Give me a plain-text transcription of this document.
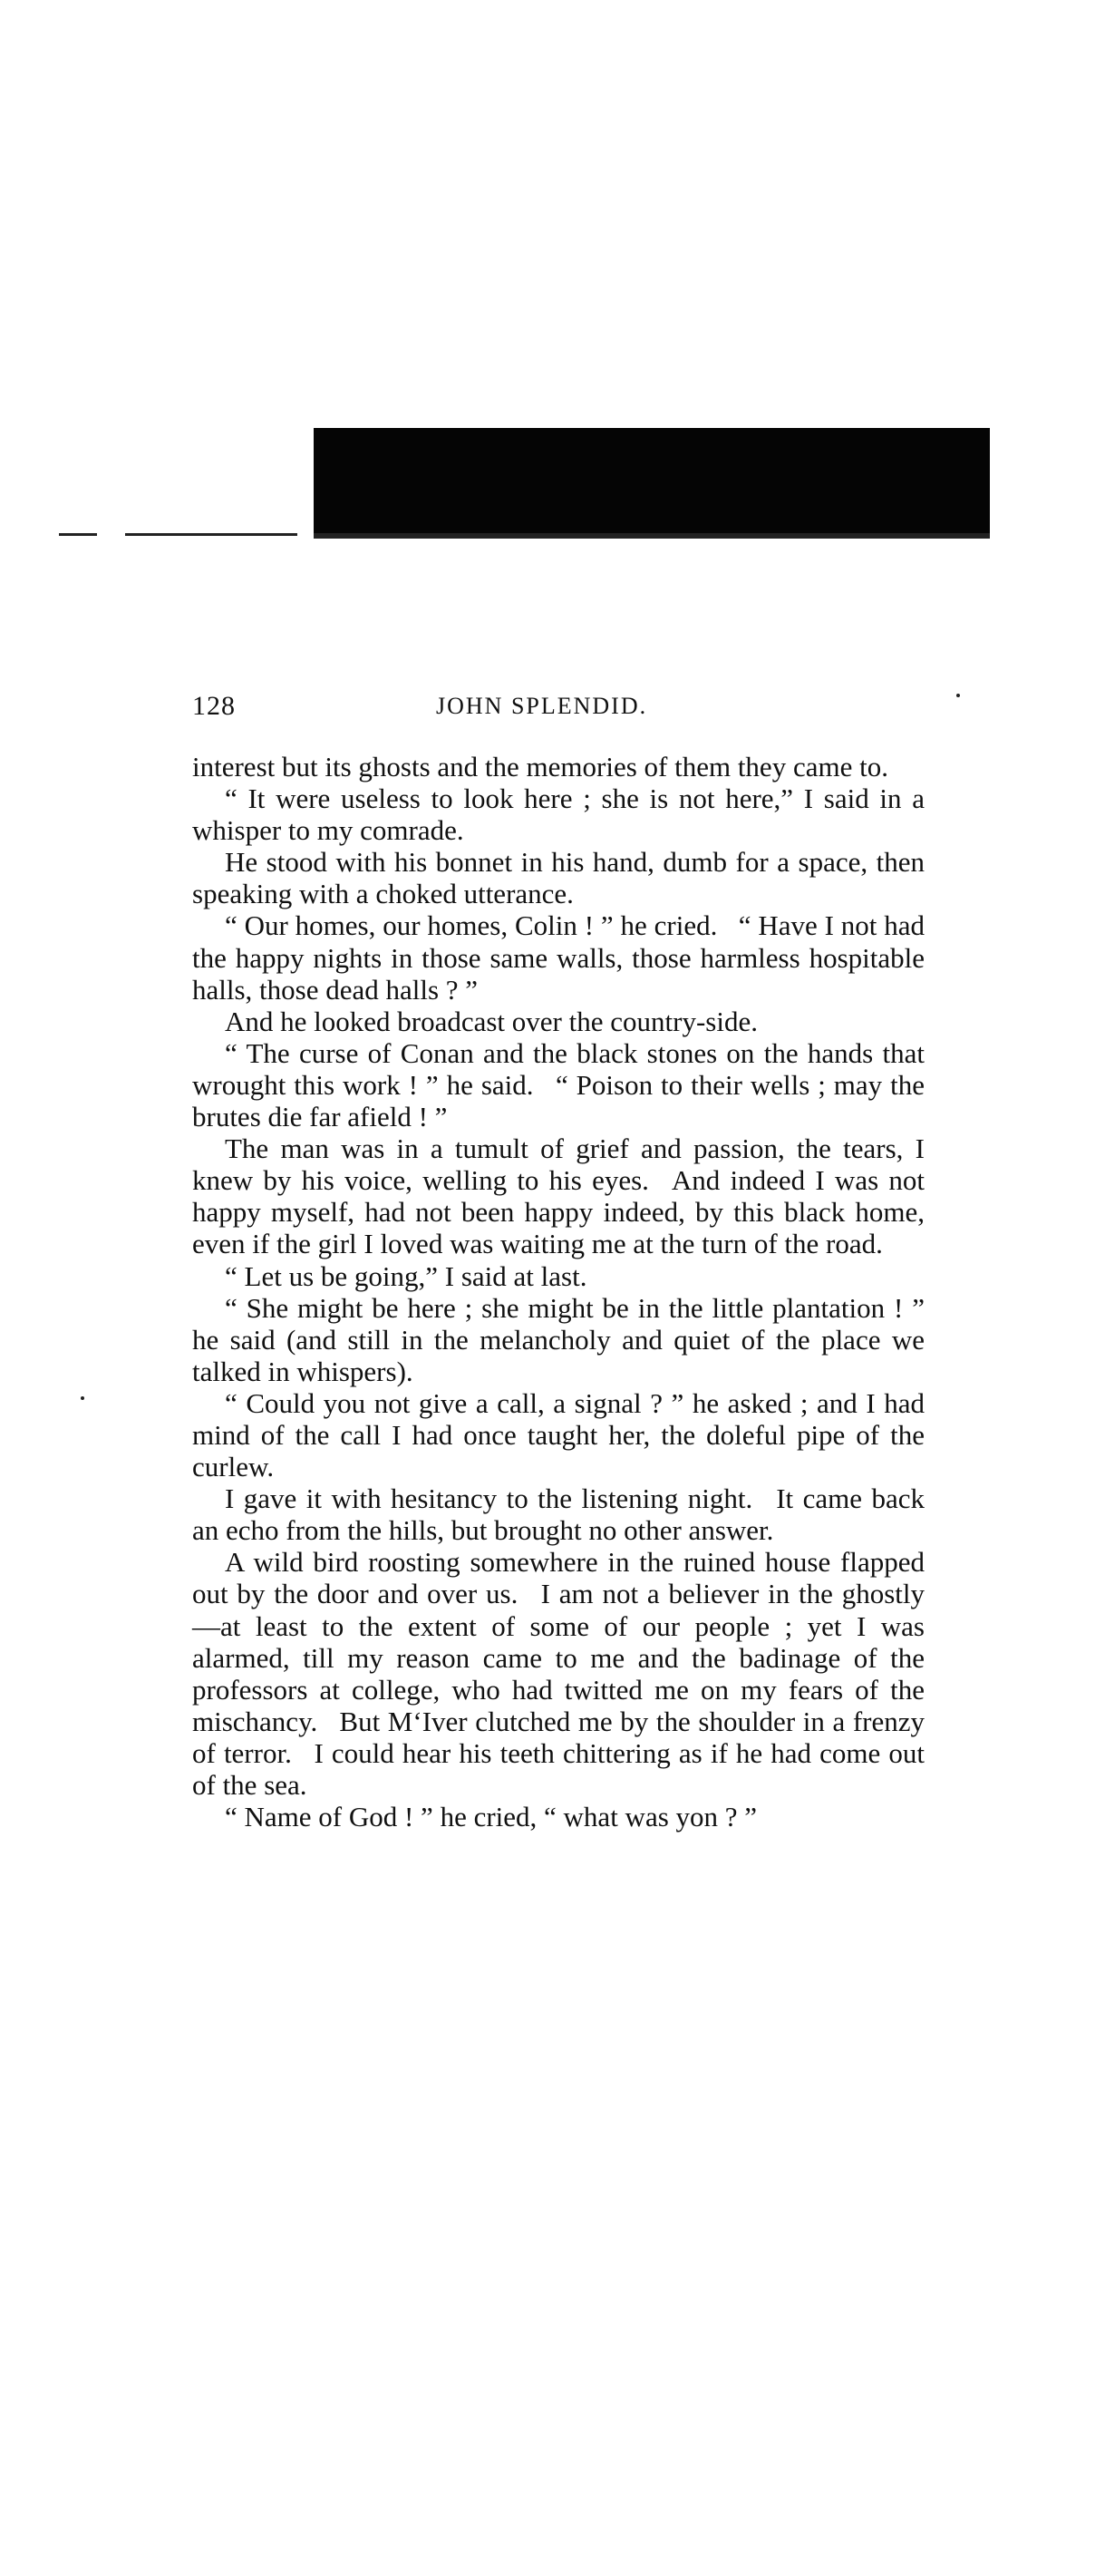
128	JOHN SPLENDID.

interest but its ghosts and the memories of them they came to.

“ It were useless to look here ; she is not here,” I said in a whisper to my comrade.

He stood with his bonnet in his hand, dumb for a space, then speaking with a choked utterance.

“ Our homes, our homes, Colin ! ” he cried.  “ Have I not had the happy nights in those same walls, those harmless hospitable halls, those dead halls ? ”

And he looked broadcast over the country-side.

“ The curse of Conan and the black stones on the hands that wrought this work ! ” he said.  “ Poison to their wells ; may the brutes die far afield ! ”

The man was in a tumult of grief and passion, the tears, I knew by his voice, welling to his eyes.  And indeed I was not happy myself, had not been happy indeed, by this black home, even if the girl I loved was waiting me at the turn of the road.

“ Let us be going,” I said at last.

“ She might be here ; she might be in the little plantation ! ” he said (and still in the melancholy and quiet of the place we talked in whispers).

“ Could you not give a call, a signal ? ” he asked ; and I had mind of the call I had once taught her, the doleful pipe of the curlew.

I gave it with hesitancy to the listening night.  It came back an echo from the hills, but brought no other answer.

A wild bird roosting somewhere in the ruined house flapped out by the door and over us.  I am not a believer in the ghostly—at least to the extent of some of our people ; yet I was alarmed, till my reason came to me and the badinage of the professors at college, who had twitted me on my fears of the mischancy.  But M‘Iver clutched me by the shoulder in a frenzy of terror.  I could hear his teeth chittering as if he had come out of the sea.

“ Name of God ! ” he cried, “ what was yon ? ”
